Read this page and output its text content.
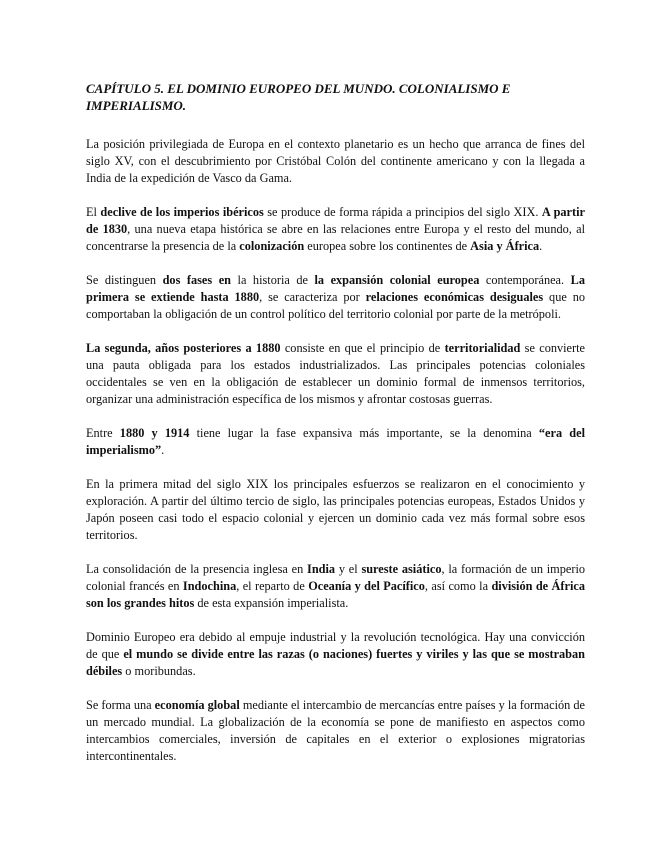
CAPÍTULO 5. EL DOMINIO EUROPEO DEL MUNDO. COLONIALISMO E IMPERIALISMO.

La posición privilegiada de Europa en el contexto planetario es un hecho que arranca de fines del siglo XV, con el descubrimiento por Cristóbal Colón del continente americano y con la llegada a India de la expedición de Vasco da Gama.

El declive de los imperios ibéricos se produce de forma rápida a principios del siglo XIX. A partir de 1830, una nueva etapa histórica se abre en las relaciones entre Europa y el resto del mundo, al concentrarse la presencia de la colonización europea sobre los continentes de Asia y África.

Se distinguen dos fases en la historia de la expansión colonial europea contemporánea. La primera se extiende hasta 1880, se caracteriza por relaciones económicas desiguales que no comportaban la obligación de un control político del territorio colonial por parte de la metrópoli.

La segunda, años posteriores a 1880 consiste en que el principio de territorialidad se convierte una pauta obligada para los estados industrializados. Las principales potencias coloniales occidentales se ven en la obligación de establecer un dominio formal de inmensos territorios, organizar una administración específica de los mismos y afrontar costosas guerras.

Entre 1880 y 1914 tiene lugar la fase expansiva más importante, se la denomina “era del imperialismo”.

En la primera mitad del siglo XIX los principales esfuerzos se realizaron en el conocimiento y exploración. A partir del último tercio de siglo, las principales potencias europeas, Estados Unidos y Japón poseen casi todo el espacio colonial y ejercen un dominio cada vez más formal sobre esos territorios.

La consolidación de la presencia inglesa en India y el sureste asiático, la formación de un imperio colonial francés en Indochina, el reparto de Oceanía y del Pacífico, así como la división de África son los grandes hitos de esta expansión imperialista.

Dominio Europeo era debido al empuje industrial y la revolución tecnológica. Hay una convicción de que el mundo se divide entre las razas (o naciones) fuertes y viriles y las que se mostraban débiles o moribundas.

Se forma una economía global mediante el intercambio de mercancías entre países y la formación de un mercado mundial. La globalización de la economía se pone de manifiesto en aspectos como intercambios comerciales, inversión de capitales en el exterior o explosiones migratorias intercontinentales.
